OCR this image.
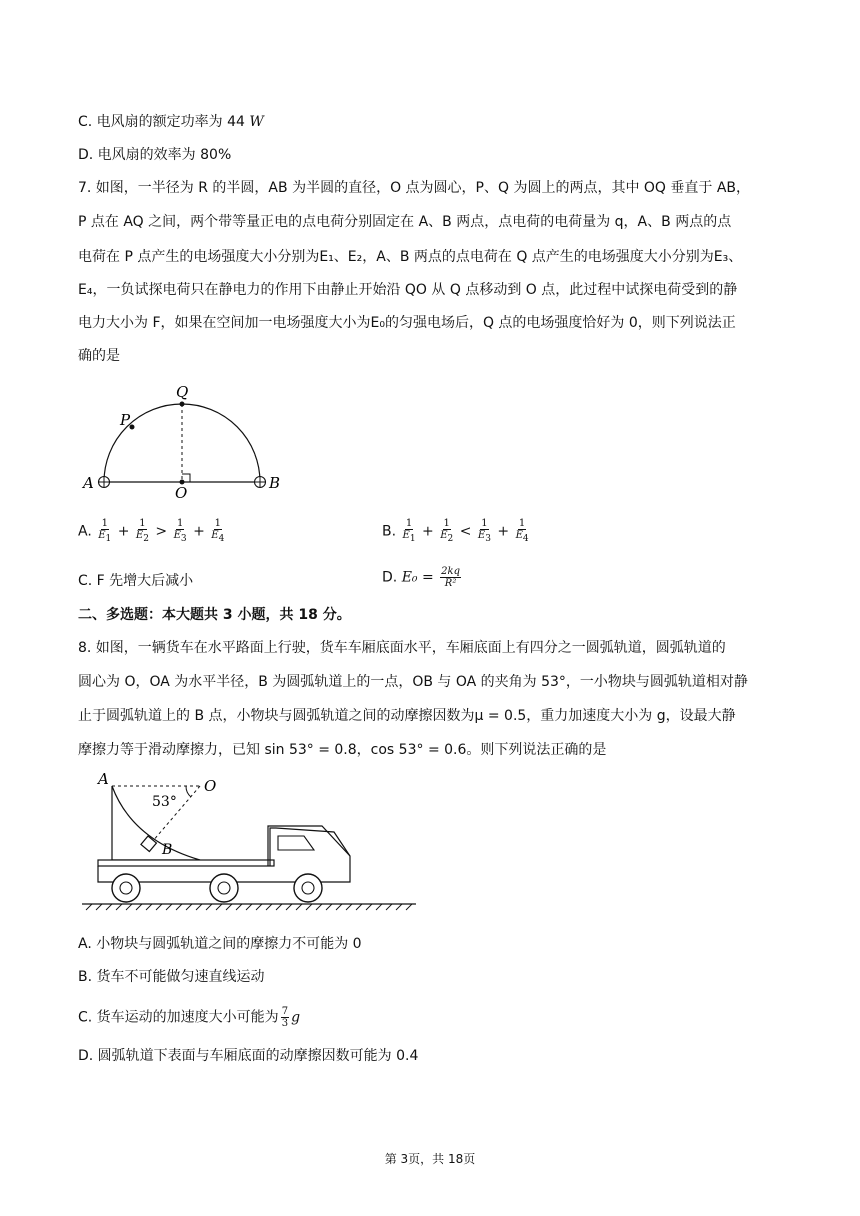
C. 电风扇的额定功率为 44 W
D. 电风扇的效率为 80%
7. 如图，一半径为 R 的半圆，AB 为半圆的直径，O 点为圆心，P、Q 为圆上的两点，其中 OQ 垂直于 AB，
P 点在 AQ 之间，两个带等量正电的点电荷分别固定在 A、B 两点，点电荷的电荷量为 q，A、B 两点的点
电荷在 P 点产生的电场强度大小分别为E₁、E₂，A、B 两点的点电荷在 Q 点产生的电场强度大小分别为E₃、
E₄，一负试探电荷只在静电力的作用下由静止开始沿 QO 从 Q 点移动到 O 点，此过程中试探电荷受到的静
电力大小为 F，如果在空间加一电场强度大小为E₀的匀强电场后，Q 点的电场强度恰好为 0，则下列说法正
确的是
Q
P
A
O
B
A. $\frac{1}{E_1} + \frac{1}{E_2} > \frac{1}{E_3} + \frac{1}{E_4}$	B. $\frac{1}{E_1} + \frac{1}{E_2} < \frac{1}{E_3} + \frac{1}{E_4}$
C. F 先增大后减小	D. $E_0 = \frac{2kq}{\text{R²}}$
二、多选题：本大题共 3 小题，共 18 分。
8. 如图，一辆货车在水平路面上行驶，货车车厢底面水平，车厢底面上有四分之一圆弧轨道，圆弧轨道的
圆心为 O，OA 为水平半径，B 为圆弧轨道上的一点，OB 与 OA 的夹角为 53°，一小物块与圆弧轨道相对静
止于圆弧轨道上的 B 点，小物块与圆弧轨道之间的动摩擦因数为μ = 0.5，重力加速度大小为 g，设最大静
摩擦力等于滑动摩擦力，已知 sin 53° = 0.8，cos 53° = 0.6。则下列说法正确的是
A	O
B
53°
A. 小物块与圆弧轨道之间的摩擦力不可能为 0
B. 货车不可能做匀速直线运动
C. 货车运动的加速度大小可能为 $\frac{7}{3}$ g
D. 圆弧轨道下表面与车厢底面的动摩擦因数可能为 0.4
第 3页，共 18页
